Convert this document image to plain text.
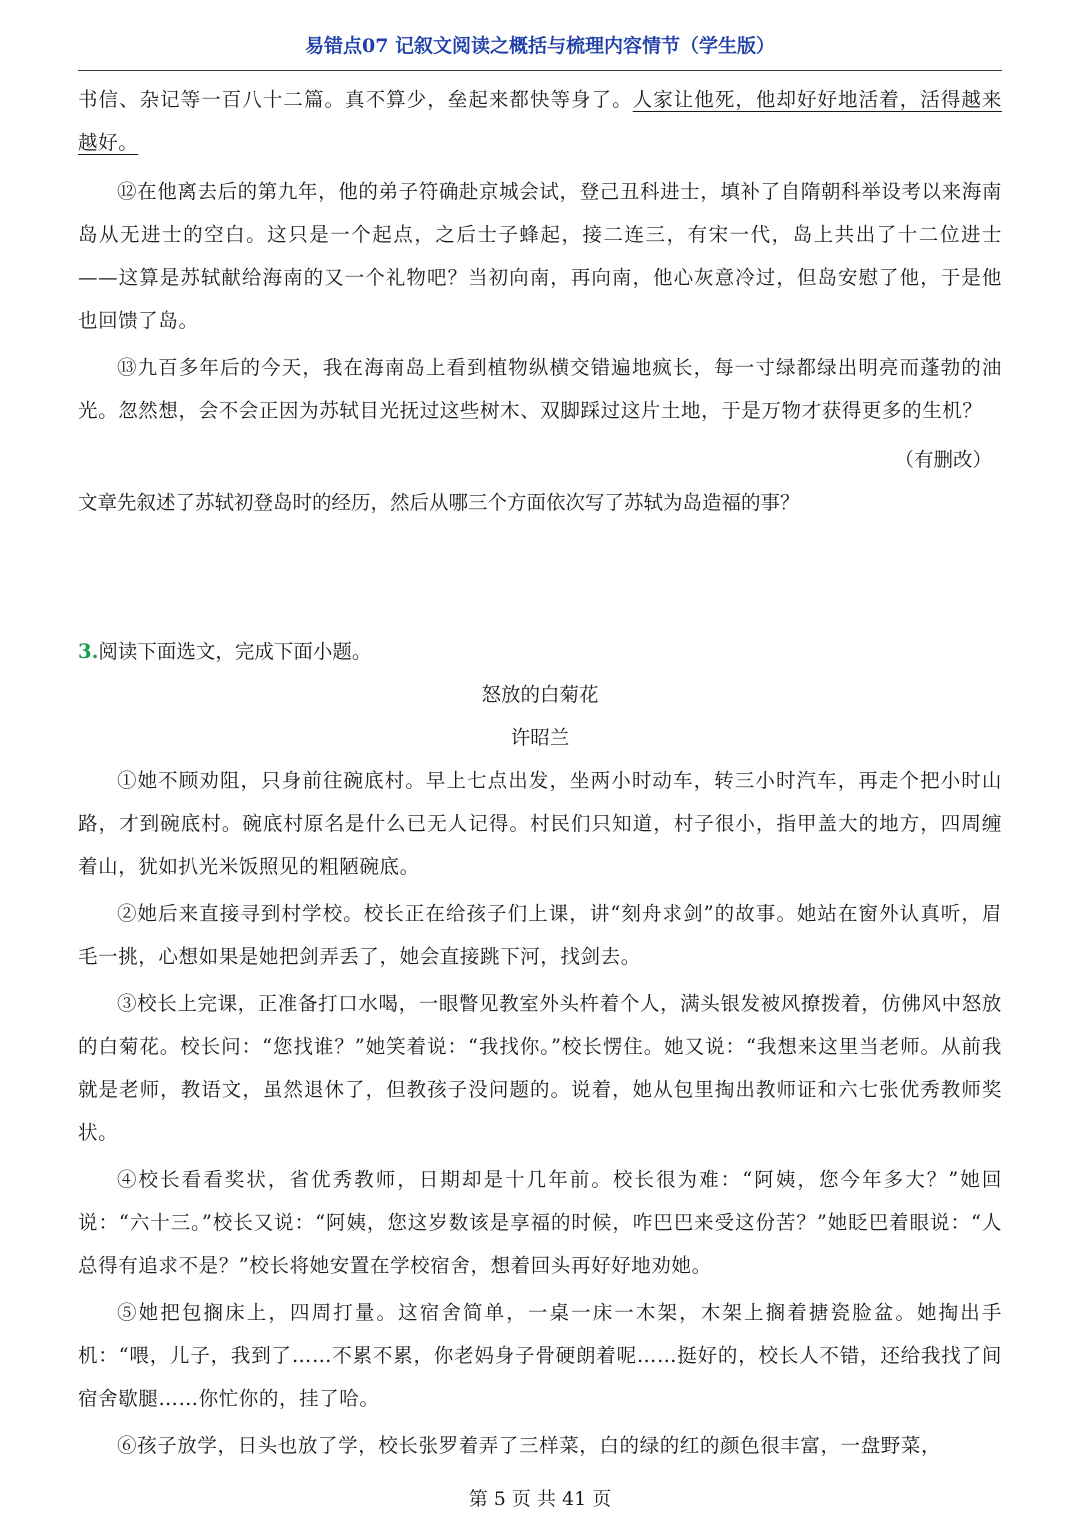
易错点07 记叙文阅读之概括与梳理内容情节（学生版）

书信、杂记等一百八十二篇。真不算少，垒起来都快等身了。人家让他死，他却好好地活着，活得越来越好。

⑫在他离去后的第九年，他的弟子符确赴京城会试，登己丑科进士，填补了自隋朝科举设考以来海南岛从无进士的空白。这只是一个起点，之后士子蜂起，接二连三，有宋一代，岛上共出了十二位进士——这算是苏轼献给海南的又一个礼物吧？当初向南，再向南，他心灰意冷过，但岛安慰了他，于是他也回馈了岛。

⑬九百多年后的今天，我在海南岛上看到植物纵横交错遍地疯长，每一寸绿都绿出明亮而蓬勃的油光。忽然想，会不会正因为苏轼目光抚过这些树木、双脚踩过这片土地，于是万物才获得更多的生机？

（有删改）

文章先叙述了苏轼初登岛时的经历，然后从哪三个方面依次写了苏轼为岛造福的事？

3.阅读下面选文，完成下面小题。

怒放的白菊花

许昭兰

①她不顾劝阻，只身前往碗底村。早上七点出发，坐两小时动车，转三小时汽车，再走个把小时山路，才到碗底村。碗底村原名是什么已无人记得。村民们只知道，村子很小，指甲盖大的地方，四周缠着山，犹如扒光米饭照见的粗陋碗底。

②她后来直接寻到村学校。校长正在给孩子们上课，讲“刻舟求剑”的故事。她站在窗外认真听，眉毛一挑，心想如果是她把剑弄丢了，她会直接跳下河，找剑去。

③校长上完课，正准备打口水喝，一眼瞥见教室外头杵着个人，满头银发被风撩拨着，仿佛风中怒放的白菊花。校长问：“您找谁？”她笑着说：“我找你。”校长愣住。她又说：“我想来这里当老师。从前我就是老师，教语文，虽然退休了，但教孩子没问题的。说着，她从包里掏出教师证和六七张优秀教师奖状。

④校长看看奖状，省优秀教师，日期却是十几年前。校长很为难：“阿姨，您今年多大？”她回说：“六十三。”校长又说：“阿姨，您这岁数该是享福的时候，咋巴巴来受这份苦？”她眨巴着眼说：“人总得有追求不是？”校长将她安置在学校宿舍，想着回头再好好地劝她。

⑤她把包搁床上，四周打量。这宿舍简单，一桌一床一木架，木架上搁着搪瓷脸盆。她掏出手机：“喂，儿子，我到了……不累不累，你老妈身子骨硬朗着呢……挺好的，校长人不错，还给我找了间宿舍歇腿……你忙你的，挂了哈。

⑥孩子放学，日头也放了学，校长张罗着弄了三样菜，白的绿的红的颜色很丰富，一盘野菜，

第 5 页 共 41 页
